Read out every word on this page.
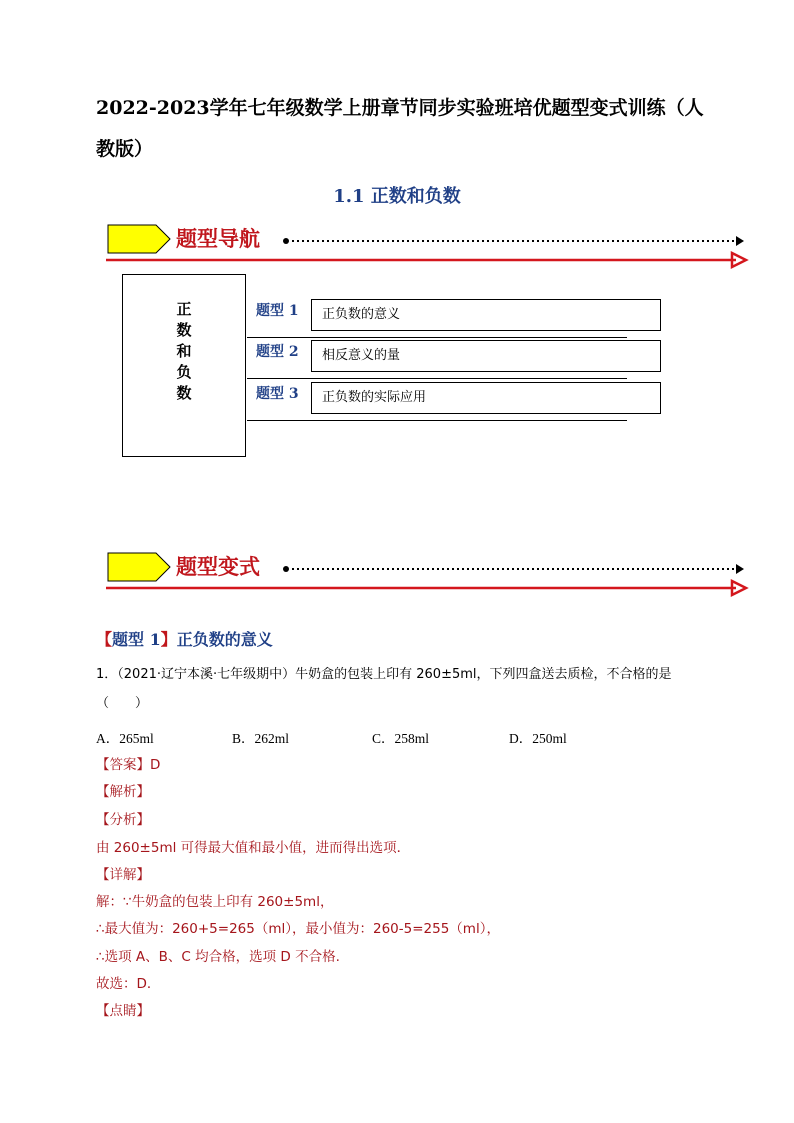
2022-2023学年七年级数学上册章节同步实验班培优题型变式训练（人教版）
1.1 正数和负数
题型导航
正
数
和
负
数
题型 1	正负数的意义
题型 2	相反意义的量
题型 3	正负数的实际应用
题型变式
【题型 1】正负数的意义
1．（2021·辽宁本溪·七年级期中）牛奶盒的包装上印有 260±5ml，下列四盒送去质检，不合格的是
（　　）
A．265ml	B．262ml	C．258ml	D．250ml
【答案】D
【解析】
【分析】
由 260±5ml 可得最大值和最小值，进而得出选项．
【详解】
解：∵牛奶盒的包装上印有 260±5ml，
∴最大值为：260+5=265（ml），最小值为：260-5=255（ml），
∴选项 A、B、C 均合格，选项 D 不合格.
故选：D．
【点睛】
